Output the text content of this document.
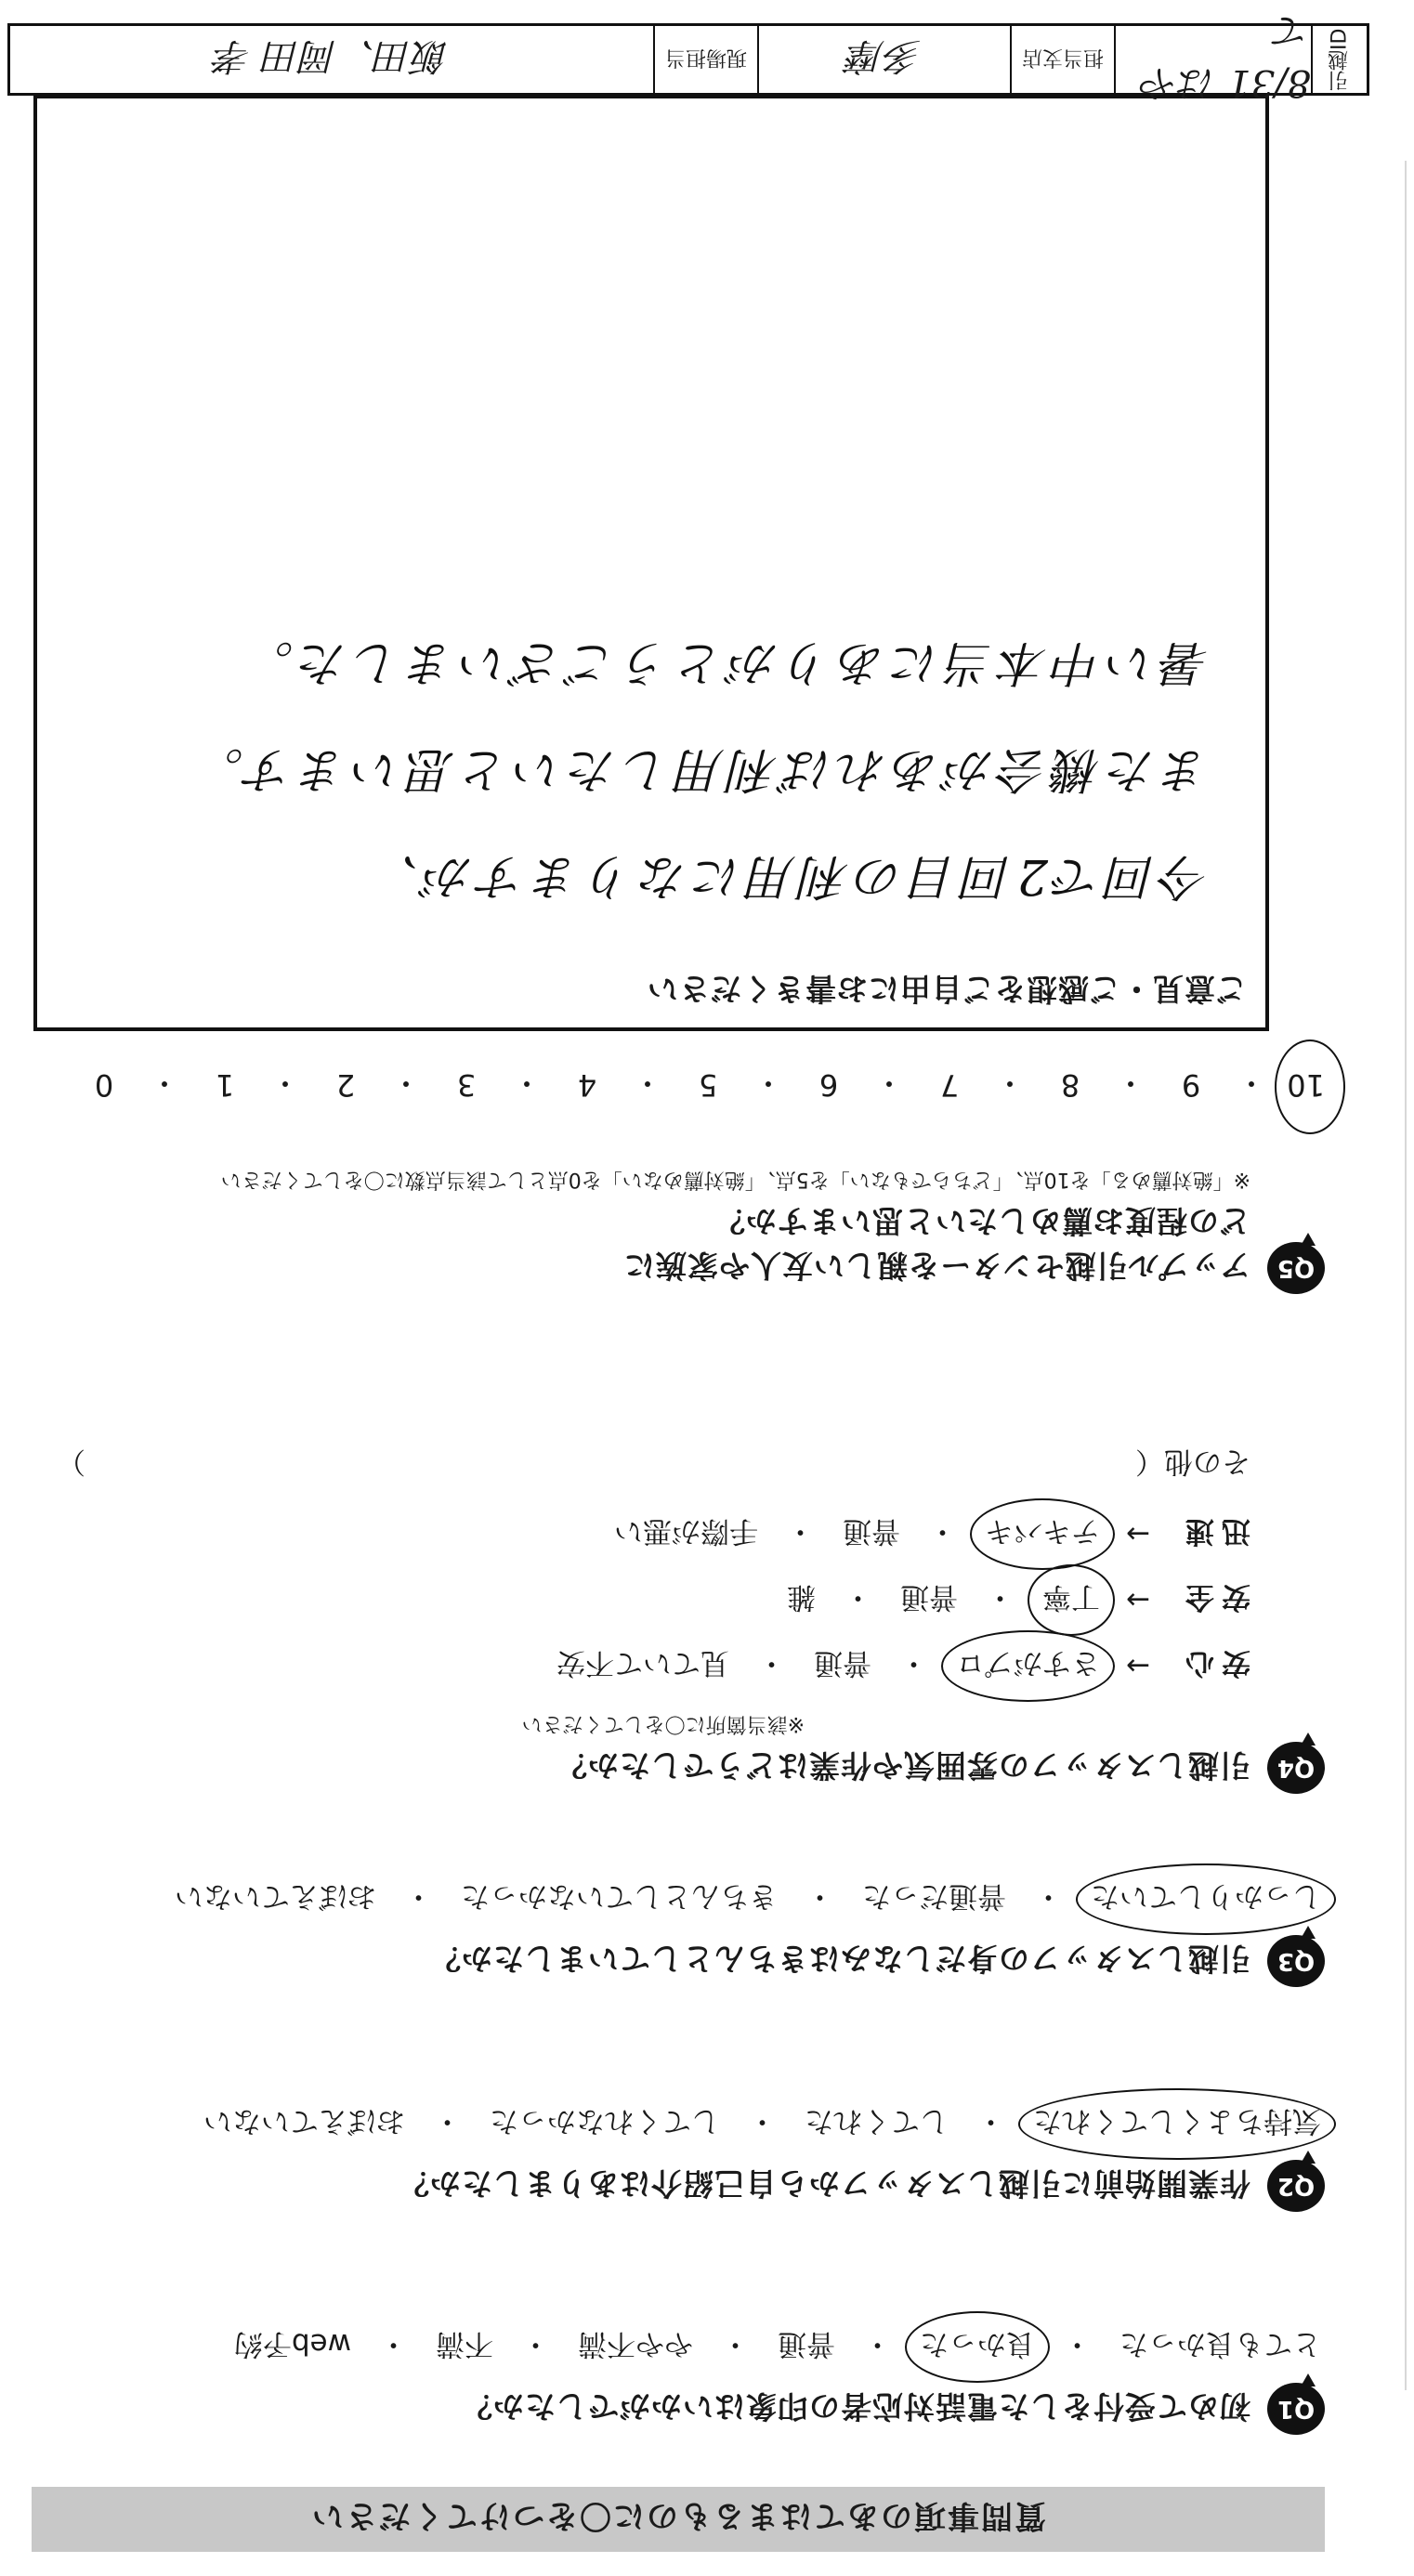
質問事項のあてはまるものに〇をつけてください
Q1
初めて受付をした電話対応者の印象はいかがでしたか？
とても良かった
・
良かった
・
普通
・
やや不満
・
不満
・
web予約
Q2
作業開始前に引越しスタッフから自己紹介はありましたか？
気持ちよくしてくれた
・
してくれた
・
してくれなかった
・
おぼえていない
Q3
引越しスタッフの身だしなみはきちんとしていましたか？
しっかりしていた
・
普通だった
・
きちんとしていなかった
・
おぼえていない
Q4
引越しスタッフの雰囲気や作業はどうでしたか？
※該当箇所に〇をしてください
安心
→
さすがプロ
・
普通
・
見ていて不安
安全
→
丁寧
・
普通
・
雑
迅速
→
テキパキ
・
普通
・
手際が悪い
その他（
）
Q5
アップル引越センターを親しい友人や家族に
どの程度お薦めしたいと思いますか？
※「絶対薦める」を10点、「どちらでもない」を5点、「絶対薦めない」を0点として該当点数に〇をしてください
10
・
9
・
8
・
7
・
6
・
5
・
4
・
3
・
2
・
1
・
0
ご意見・ご感想をご自由にお書きください
今回で2回目の利用になりますが、
また機会があれば利用したいと思います。
暑い中本当にありがとうございました。
引越ID
8/31 はやて
担当支店
多摩
現場担当
飯田、岡田 孝
